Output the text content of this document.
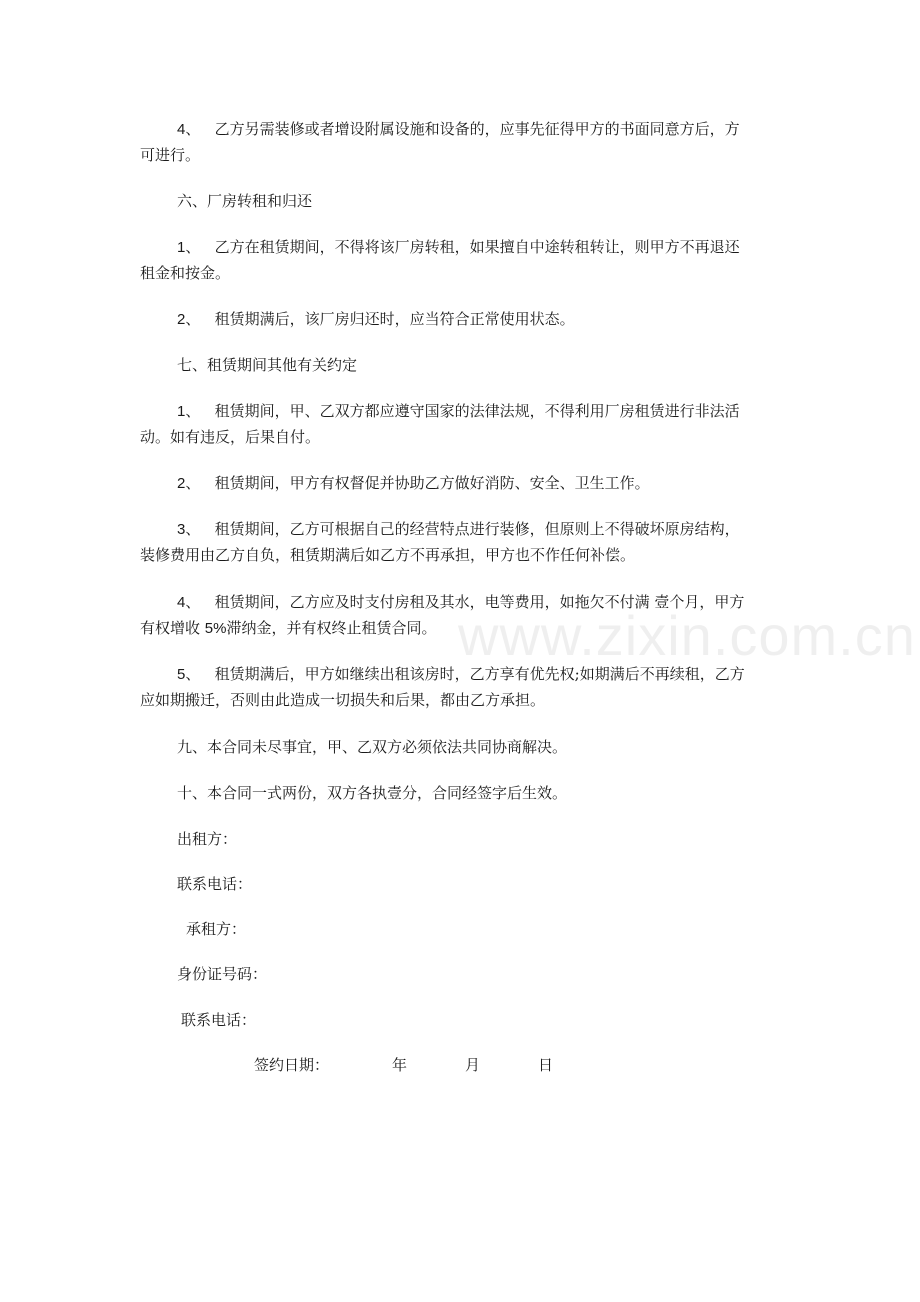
www.zixin.com.cn
4、 乙方另需装修或者增设附属设施和设备的，应事先征得甲方的书面同意方后，方
可进行。
六、厂房转租和归还
1、 乙方在租赁期间，不得将该厂房转租，如果擅自中途转租转让，则甲方不再退还
租金和按金。
2、 租赁期满后，该厂房归还时，应当符合正常使用状态。
七、租赁期间其他有关约定
1、 租赁期间，甲、乙双方都应遵守国家的法律法规，不得利用厂房租赁进行非法活
动。如有违反，后果自付。
2、 租赁期间，甲方有权督促并协助乙方做好消防、安全、卫生工作。
3、 租赁期间，乙方可根据自己的经营特点进行装修，但原则上不得破坏原房结构，
装修费用由乙方自负，租赁期满后如乙方不再承担，甲方也不作任何补偿。
4、 租赁期间，乙方应及时支付房租及其水，电等费用，如拖欠不付满 壹个月，甲方
有权增收 5%滞纳金，并有权终止租赁合同。
5、 租赁期满后，甲方如继续出租该房时，乙方享有优先权;如期满后不再续租，乙方
应如期搬迁，否则由此造成一切损失和后果，都由乙方承担。
九、本合同未尽事宜，甲、乙双方必须依法共同协商解决。
十、本合同一式两份，双方各执壹分，合同经签字后生效。
出租方：
联系电话：
承租方：
身份证号码：
联系电话：
签约日期：	年	月	日
